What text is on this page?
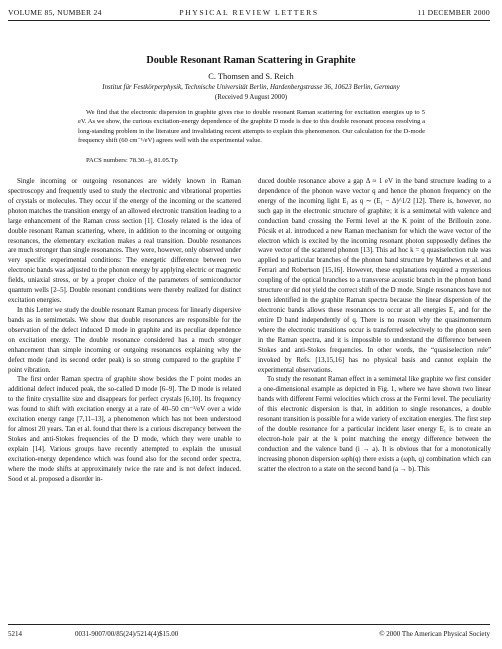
VOLUME 85, NUMBER 24	PHYSICAL REVIEW LETTERS	11 DECEMBER 2000
Double Resonant Raman Scattering in Graphite
C. Thomsen and S. Reich
Institut für Festkörperphysik, Technische Universität Berlin, Hardenbergstrasse 36, 10623 Berlin, Germany
(Received 9 August 2000)
We find that the electronic dispersion in graphite gives rise to double resonant Raman scattering for excitation energies up to 5 eV. As we show, the curious excitation-energy dependence of the graphite D mode is due to this double resonant process resolving a long-standing problem in the literature and invalidating recent attempts to explain this phenomenon. Our calculation for the D-mode frequency shift (60 cm⁻¹/eV) agrees well with the experimental value.
PACS numbers: 78.30.–j, 81.05.Tp

Single incoming or outgoing resonances are widely known in Raman spectroscopy and frequently used to study the electronic and vibrational properties of crystals or molecules. They occur if the energy of the incoming or the scattered photon matches the transition energy of an allowed electronic transition leading to a large enhancement of the Raman cross section [1]. Closely related is the idea of double resonant Raman scattering, where, in addition to the incoming or outgoing resonances, the elementary excitation makes a real transition. Double resonances are much stronger than single resonances. They were, however, only observed under very specific experimental conditions: The energetic difference between two electronic bands was adjusted to the phonon energy by applying electric or magnetic fields, uniaxial stress, or by a proper choice of the parameters of semiconductor quantum wells [2–5]. Double resonant conditions were thereby realized for distinct excitation energies.

In this Letter we study the double resonant Raman process for linearly dispersive bands as in semimetals. We show that double resonances are responsible for the observation of the defect induced D mode in graphite and its peculiar dependence on excitation energy. The double resonance considered has a much stronger enhancement than simple incoming or outgoing resonances explaining why the defect mode (and its second order peak) is so strong compared to the graphite Γ point vibration.

The first order Raman spectra of graphite show besides the Γ point modes an additional defect induced peak, the so-called D mode [6–9]. The D mode is related to the finite crystallite size and disappears for perfect crystals [6,10]. Its frequency was found to shift with excitation energy at a rate of 40–50 cm⁻¹/eV over a wide excitation energy range [7,11–13], a phenomenon which has not been understood for almost 20 years. Tan et al. found that there is a curious discrepancy between the Stokes and anti-Stokes frequencies of the D mode, which they were unable to explain [14]. Various groups have recently attempted to explain the unusual excitation-energy dependence which was found also for the second order spectra, where the mode shifts at approximately twice the rate and is not defect induced. Sood et al. proposed a disorder in-

duced double resonance above a gap Δ ≈ 1 eV in the band structure leading to a dependence of the phonon wave vector q and hence the phonon frequency on the energy of the incoming light E₁ as q ∼ (E₁ − Δ)^1/2 [12]. There is, however, no such gap in the electronic structure of graphite; it is a semimetal with valence and conduction band crossing the Fermi level at the K point of the Brillouin zone. Pócsik et al. introduced a new Raman mechanism for which the wave vector of the electron which is excited by the incoming resonant photon supposedly defines the wave vector of the scattered phonon [13]. This ad hoc k = q quasiselection rule was applied to particular branches of the phonon band structure by Matthews et al. and Ferrari and Robertson [15,16]. However, these explanations required a mysterious coupling of the optical branches to a transverse acoustic branch in the phonon band structure or did not yield the correct shift of the D mode. Single resonances have not been identified in the graphite Raman spectra because the linear dispersion of the electronic bands allows these resonances to occur at all energies E₁ and for the entire D band independently of q. There is no reason why the quasimomentum where the electronic transitions occur is transferred selectively to the phonon seen in the Raman spectra, and it is impossible to understand the difference between Stokes and anti-Stokes frequencies. In other words, the “quasiselection rule” invoked by Refs. [13,15,16] has no physical basis and cannot explain the experimental observations.

To study the resonant Raman effect in a semimetal like graphite we first consider a one-dimensional example as depicted in Fig. 1, where we have shown two linear bands with different Fermi velocities which cross at the Fermi level. The peculiarity of this electronic dispersion is that, in addition to single resonances, a double resonant transition is possible for a wide variety of excitation energies. The first step of the double resonance for a particular incident laser energy E₁ is to create an electron-hole pair at the k point matching the energy difference between the conduction and the valence band (i → a). It is obvious that for a monotonically increasing phonon dispersion ωph(q) there exists a (ωph, q) combination which can scatter the electron to a state on the second band (a → b). This

5214	0031-9007/00/85(24)/5214(4)$15.00	© 2000 The American Physical Society
